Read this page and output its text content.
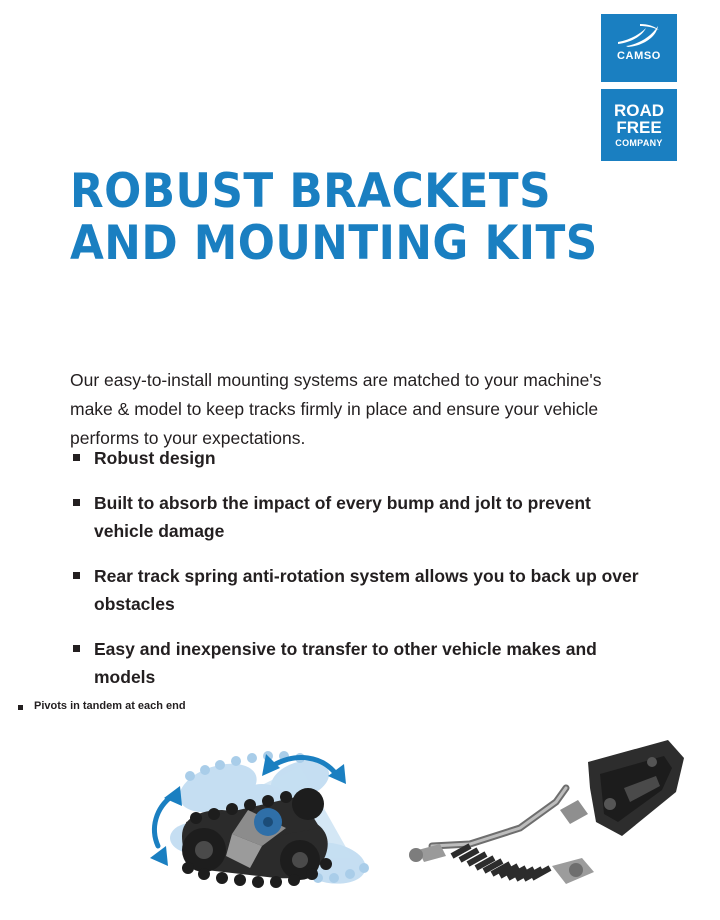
CAMSO
ROAD
FREE
COMPANY
ROBUST BRACKETS
AND MOUNTING KITS

Our easy-to-install mounting systems are matched to your machine's make & model to keep tracks firmly in place and ensure your vehicle performs to your expectations.

Robust design
Built to absorb the impact of every bump and jolt to prevent vehicle damage
Rear track spring anti-rotation system allows you to back up over obstacles
Easy and inexpensive to transfer to other vehicle makes and models
Pivots in tandem at each end
